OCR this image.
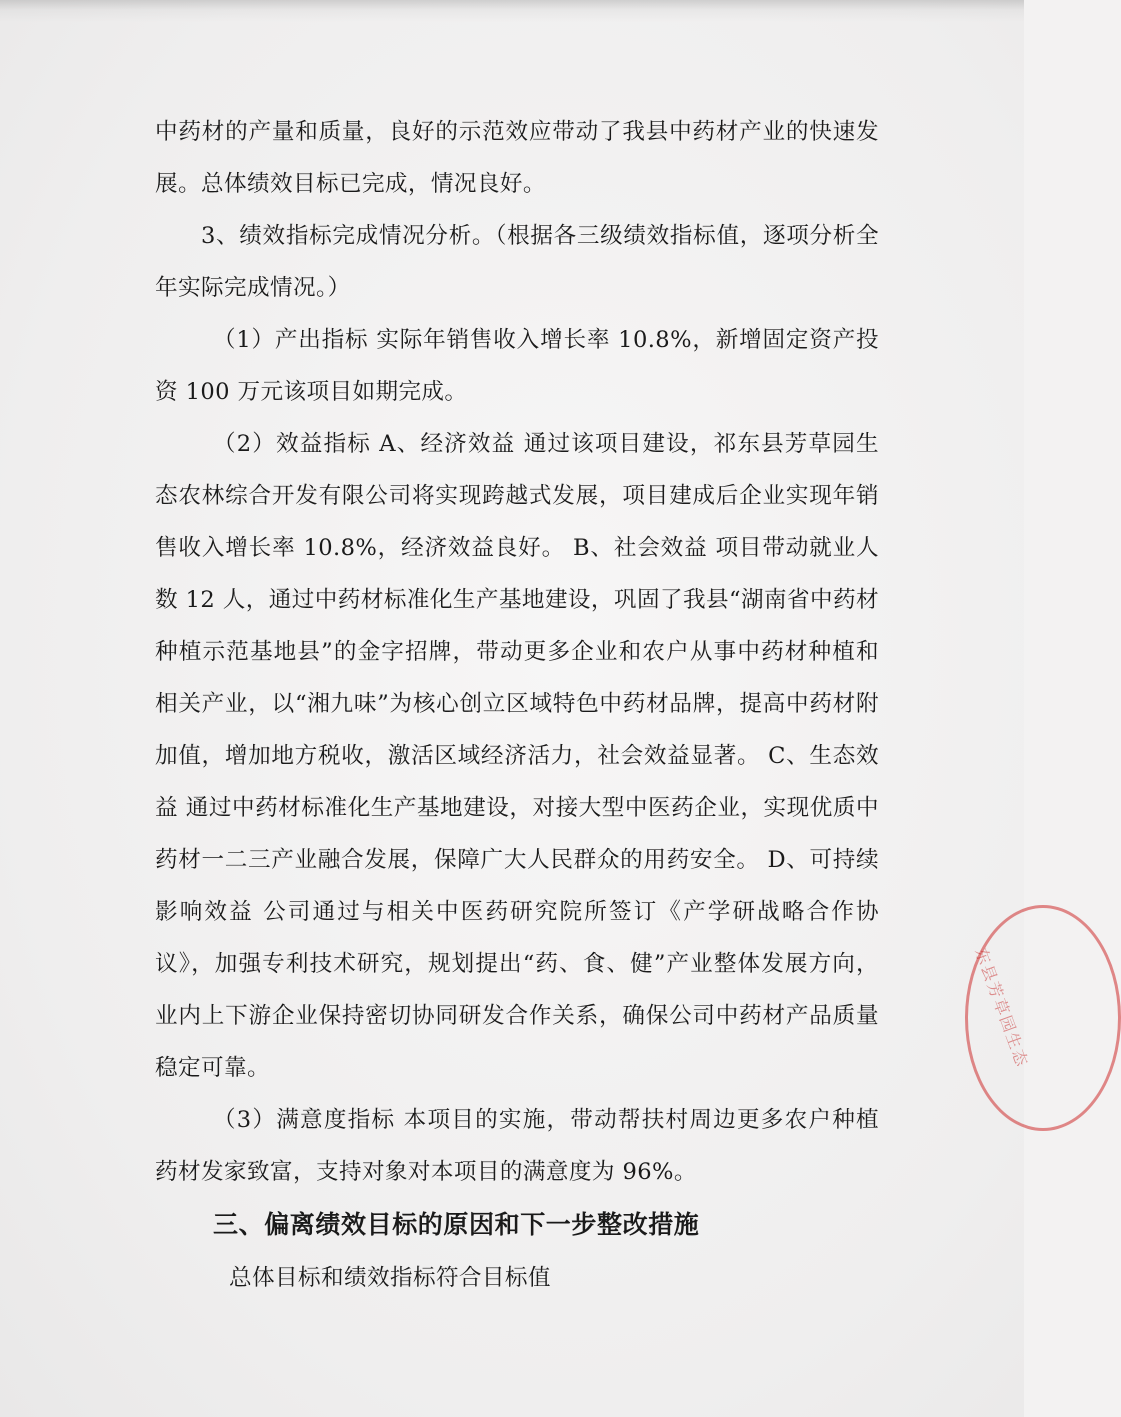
中药材的产量和质量，良好的示范效应带动了我县中药材产业的快速发展。总体绩效目标已完成，情况良好。

3、绩效指标完成情况分析。（根据各三级绩效指标值，逐项分析全年实际完成情况。）

（1）产出指标 实际年销售收入增长率 10.8%，新增固定资产投资 100 万元该项目如期完成。

（2）效益指标 A、经济效益 通过该项目建设，祁东县芳草园生态农林综合开发有限公司将实现跨越式发展，项目建成后企业实现年销售收入增长率 10.8%，经济效益良好。 B、社会效益 项目带动就业人数 12 人，通过中药材标准化生产基地建设，巩固了我县“湖南省中药材种植示范基地县”的金字招牌，带动更多企业和农户从事中药材种植和相关产业，以“湘九味”为核心创立区域特色中药材品牌，提高中药材附加值，增加地方税收，激活区域经济活力，社会效益显著。 C、生态效益 通过中药材标准化生产基地建设，对接大型中医药企业，实现优质中药材一二三产业融合发展，保障广大人民群众的用药安全。 D、可持续影响效益 公司通过与相关中医药研究院所签订《产学研战略合作协议》，加强专利技术研究，规划提出“药、食、健”产业整体发展方向，业内上下游企业保持密切协同研发合作关系，确保公司中药材产品质量稳定可靠。

（3）满意度指标 本项目的实施，带动帮扶村周边更多农户种植药材发家致富，支持对象对本项目的满意度为 96%。

三、偏离绩效目标的原因和下一步整改措施

总体目标和绩效指标符合目标值

东县芳草园生态
